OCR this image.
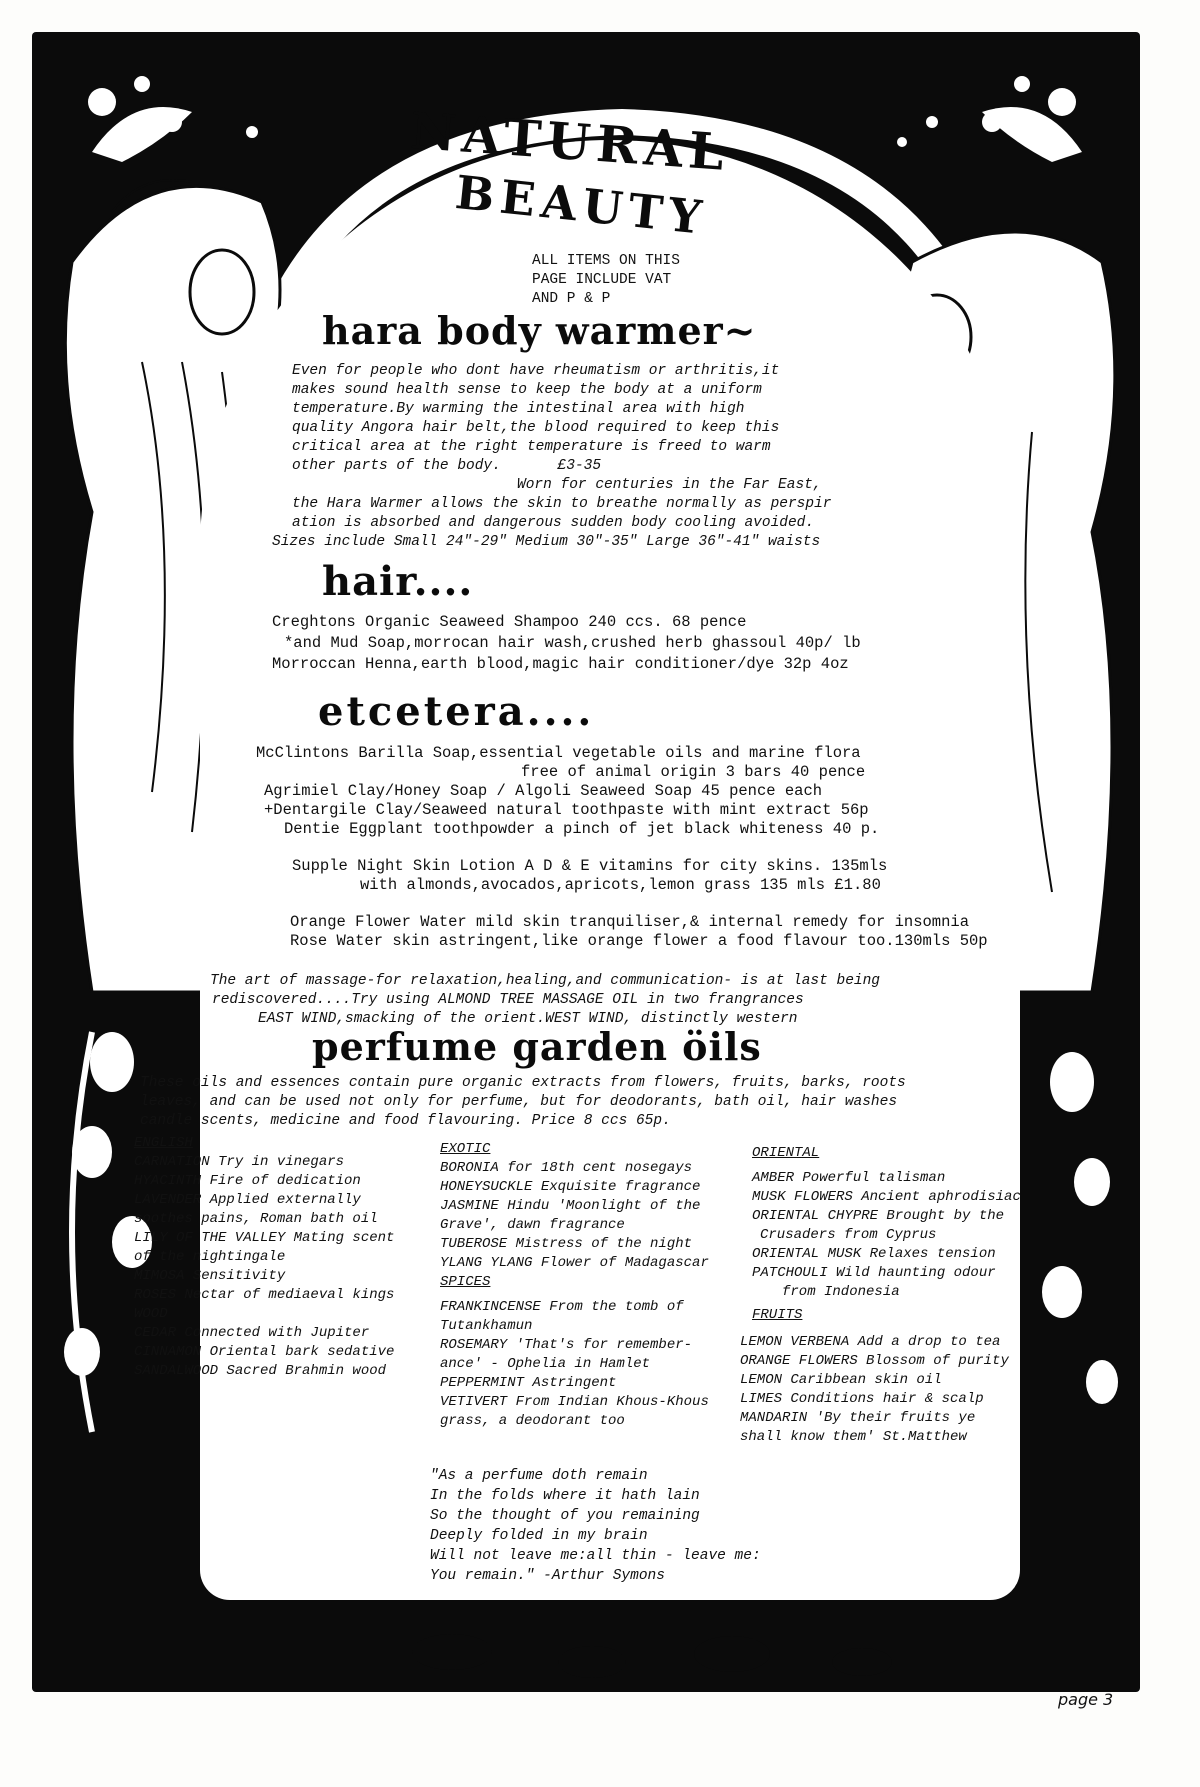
NATURAL
BEAUTY
ALL ITEMS ON THIS
PAGE INCLUDE VAT
AND P & P
hara body warmer~
Even for people who dont have rheumatism or arthritis,it
makes sound health sense to keep the body at a uniform
temperature.By warming the intestinal area with high
quality Angora hair belt,the blood required to keep this
critical area at the right temperature is freed to warm
other parts of the body.	£3-35
Worn for centuries in the Far East,
the Hara Warmer allows the skin to breathe normally as perspir
ation is absorbed and dangerous sudden body cooling avoided.
Sizes include Small 24"-29" Medium 30"-35" Large 36"-41" waists
hair....
Creghtons Organic Seaweed Shampoo 240 ccs. 68 pence
*and Mud Soap,morrocan hair wash,crushed herb ghassoul 40p/ lb
Morroccan Henna,earth blood,magic hair conditioner/dye 32p 4oz
etcetera....
McClintons Barilla Soap,essential vegetable oils and marine flora
free of animal origin 3 bars 40 pence
Agrimiel Clay/Honey Soap / Algoli Seaweed Soap 45 pence each
+Dentargile Clay/Seaweed natural toothpaste with mint extract 56p
Dentie Eggplant toothpowder a pinch of jet black whiteness 40 p.
Supple Night Skin Lotion A D & E vitamins for city skins. 135mls
with almonds,avocados,apricots,lemon grass 135 mls £1.80
Orange Flower Water mild skin tranquiliser,& internal remedy for insomnia
Rose Water skin astringent,like orange flower a food flavour too.130mls 50p
The art of massage-for relaxation,healing,and communication- is at last being
rediscovered....Try using ALMOND TREE MASSAGE OIL in two frangrances
EAST WIND,smacking of the orient.WEST WIND, distinctly western
perfume garden öils
These oils and essences contain pure organic extracts from flowers, fruits, barks, roots
leaves, and can be used not only for perfume, but for deodorants, bath oil, hair washes
candle scents, medicine and food flavouring. Price 8 ccs 65p.
ENGLISH
CARNATION Try in vinegars
HYACINTH Fire of dedication
LAVENDER Applied externally
soothes pains, Roman bath oil
LILY OF THE VALLEY Mating scent
of the nightingale
MIMOSA Sensitivity
ROSES Nectar of mediaeval kings
WOOD
CEDAR Connected with Jupiter
CINNAMON Oriental bark sedative
SANDALWOOD Sacred Brahmin wood
EXOTIC
BORONIA for 18th cent nosegays
HONEYSUCKLE Exquisite fragrance
JASMINE Hindu 'Moonlight of the
Grave', dawn fragrance
TUBEROSE Mistress of the night
YLANG YLANG Flower of Madagascar
SPICES
FRANKINCENSE From the tomb of
Tutankhamun
ROSEMARY 'That's for remember-
ance' - Ophelia in Hamlet
PEPPERMINT Astringent
VETIVERT From Indian Khous-Khous
grass, a deodorant too
ORIENTAL
AMBER Powerful talisman
MUSK FLOWERS Ancient aphrodisiac
ORIENTAL CHYPRE Brought by the
Crusaders from Cyprus
ORIENTAL MUSK Relaxes tension
PATCHOULI Wild haunting odour
from Indonesia
FRUITS
LEMON VERBENA Add a drop to tea
ORANGE FLOWERS Blossom of purity
LEMON Caribbean skin oil
LIMES Conditions hair & scalp
MANDARIN 'By their fruits ye
shall know them' St.Matthew
"As a perfume doth remain
In the folds where it hath lain
So the thought of you remaining
Deeply folded in my brain
Will not leave me:all thin - leave me:
You remain." -Arthur Symons
page 3
